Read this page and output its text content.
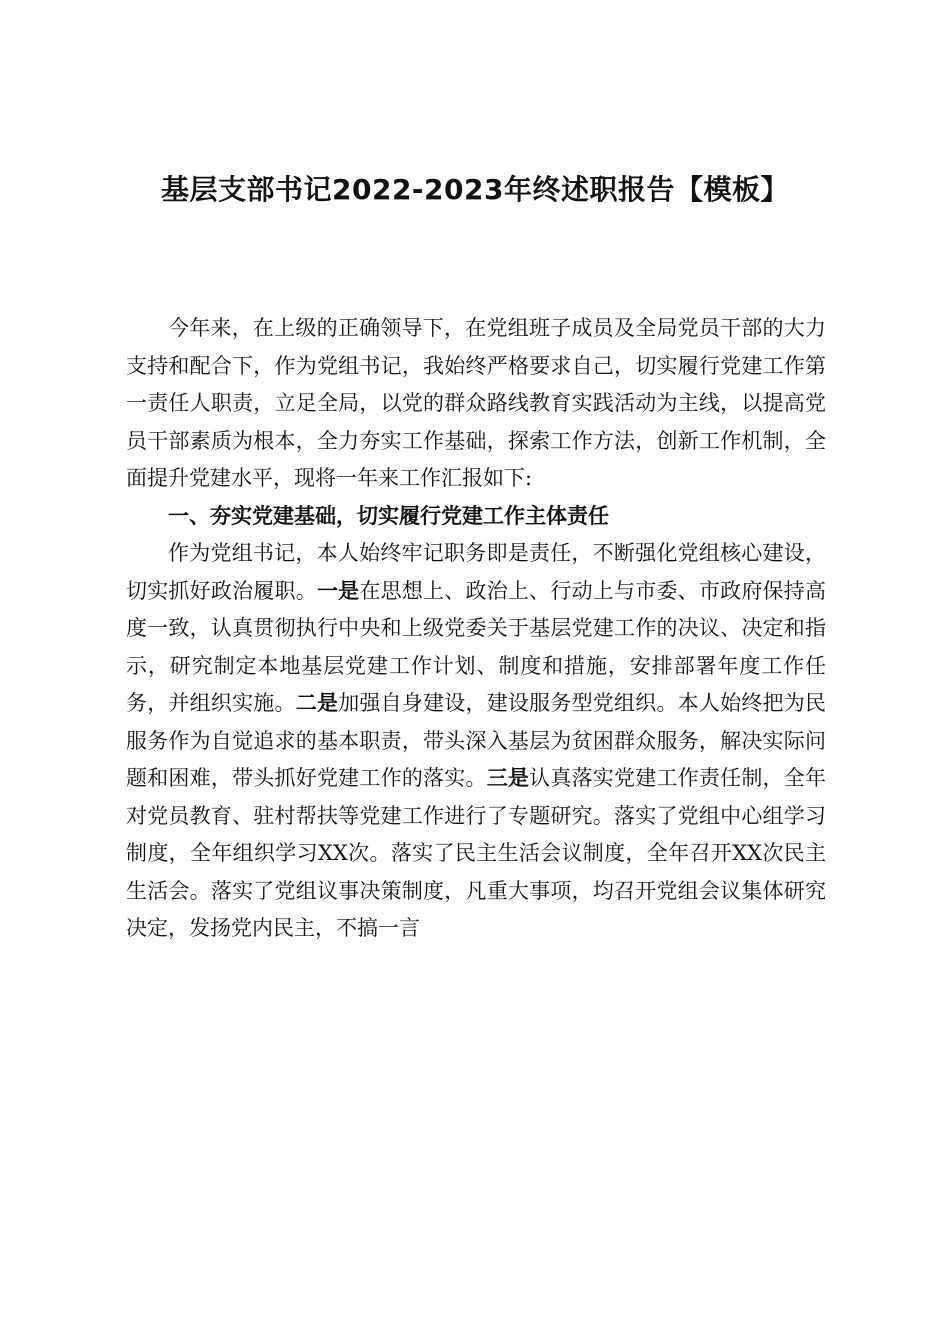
基层支部书记2022-2023年终述职报告【模板】

今年来，在上级的正确领导下，在党组班子成员及全局党员干部的大力支持和配合下，作为党组书记，我始终严格要求自己，切实履行党建工作第一责任人职责，立足全局，以党的群众路线教育实践活动为主线，以提高党员干部素质为根本，全力夯实工作基础，探索工作方法，创新工作机制，全面提升党建水平，现将一年来工作汇报如下:

一、夯实党建基础，切实履行党建工作主体责任

作为党组书记，本人始终牢记职务即是责任，不断强化党组核心建设，切实抓好政治履职。一是在思想上、政治上、行动上与市委、市政府保持高度一致，认真贯彻执行中央和上级党委关于基层党建工作的决议、决定和指示，研究制定本地基层党建工作计划、制度和措施，安排部署年度工作任务，并组织实施。二是加强自身建设，建设服务型党组织。本人始终把为民服务作为自觉追求的基本职责，带头深入基层为贫困群众服务，解决实际问题和困难，带头抓好党建工作的落实。三是认真落实党建工作责任制，全年对党员教育、驻村帮扶等党建工作进行了专题研究。落实了党组中心组学习制度，全年组织学习XX次。落实了民主生活会议制度，全年召开XX次民主生活会。落实了党组议事决策制度，凡重大事项，均召开党组会议集体研究决定，发扬党内民主，不搞一言
